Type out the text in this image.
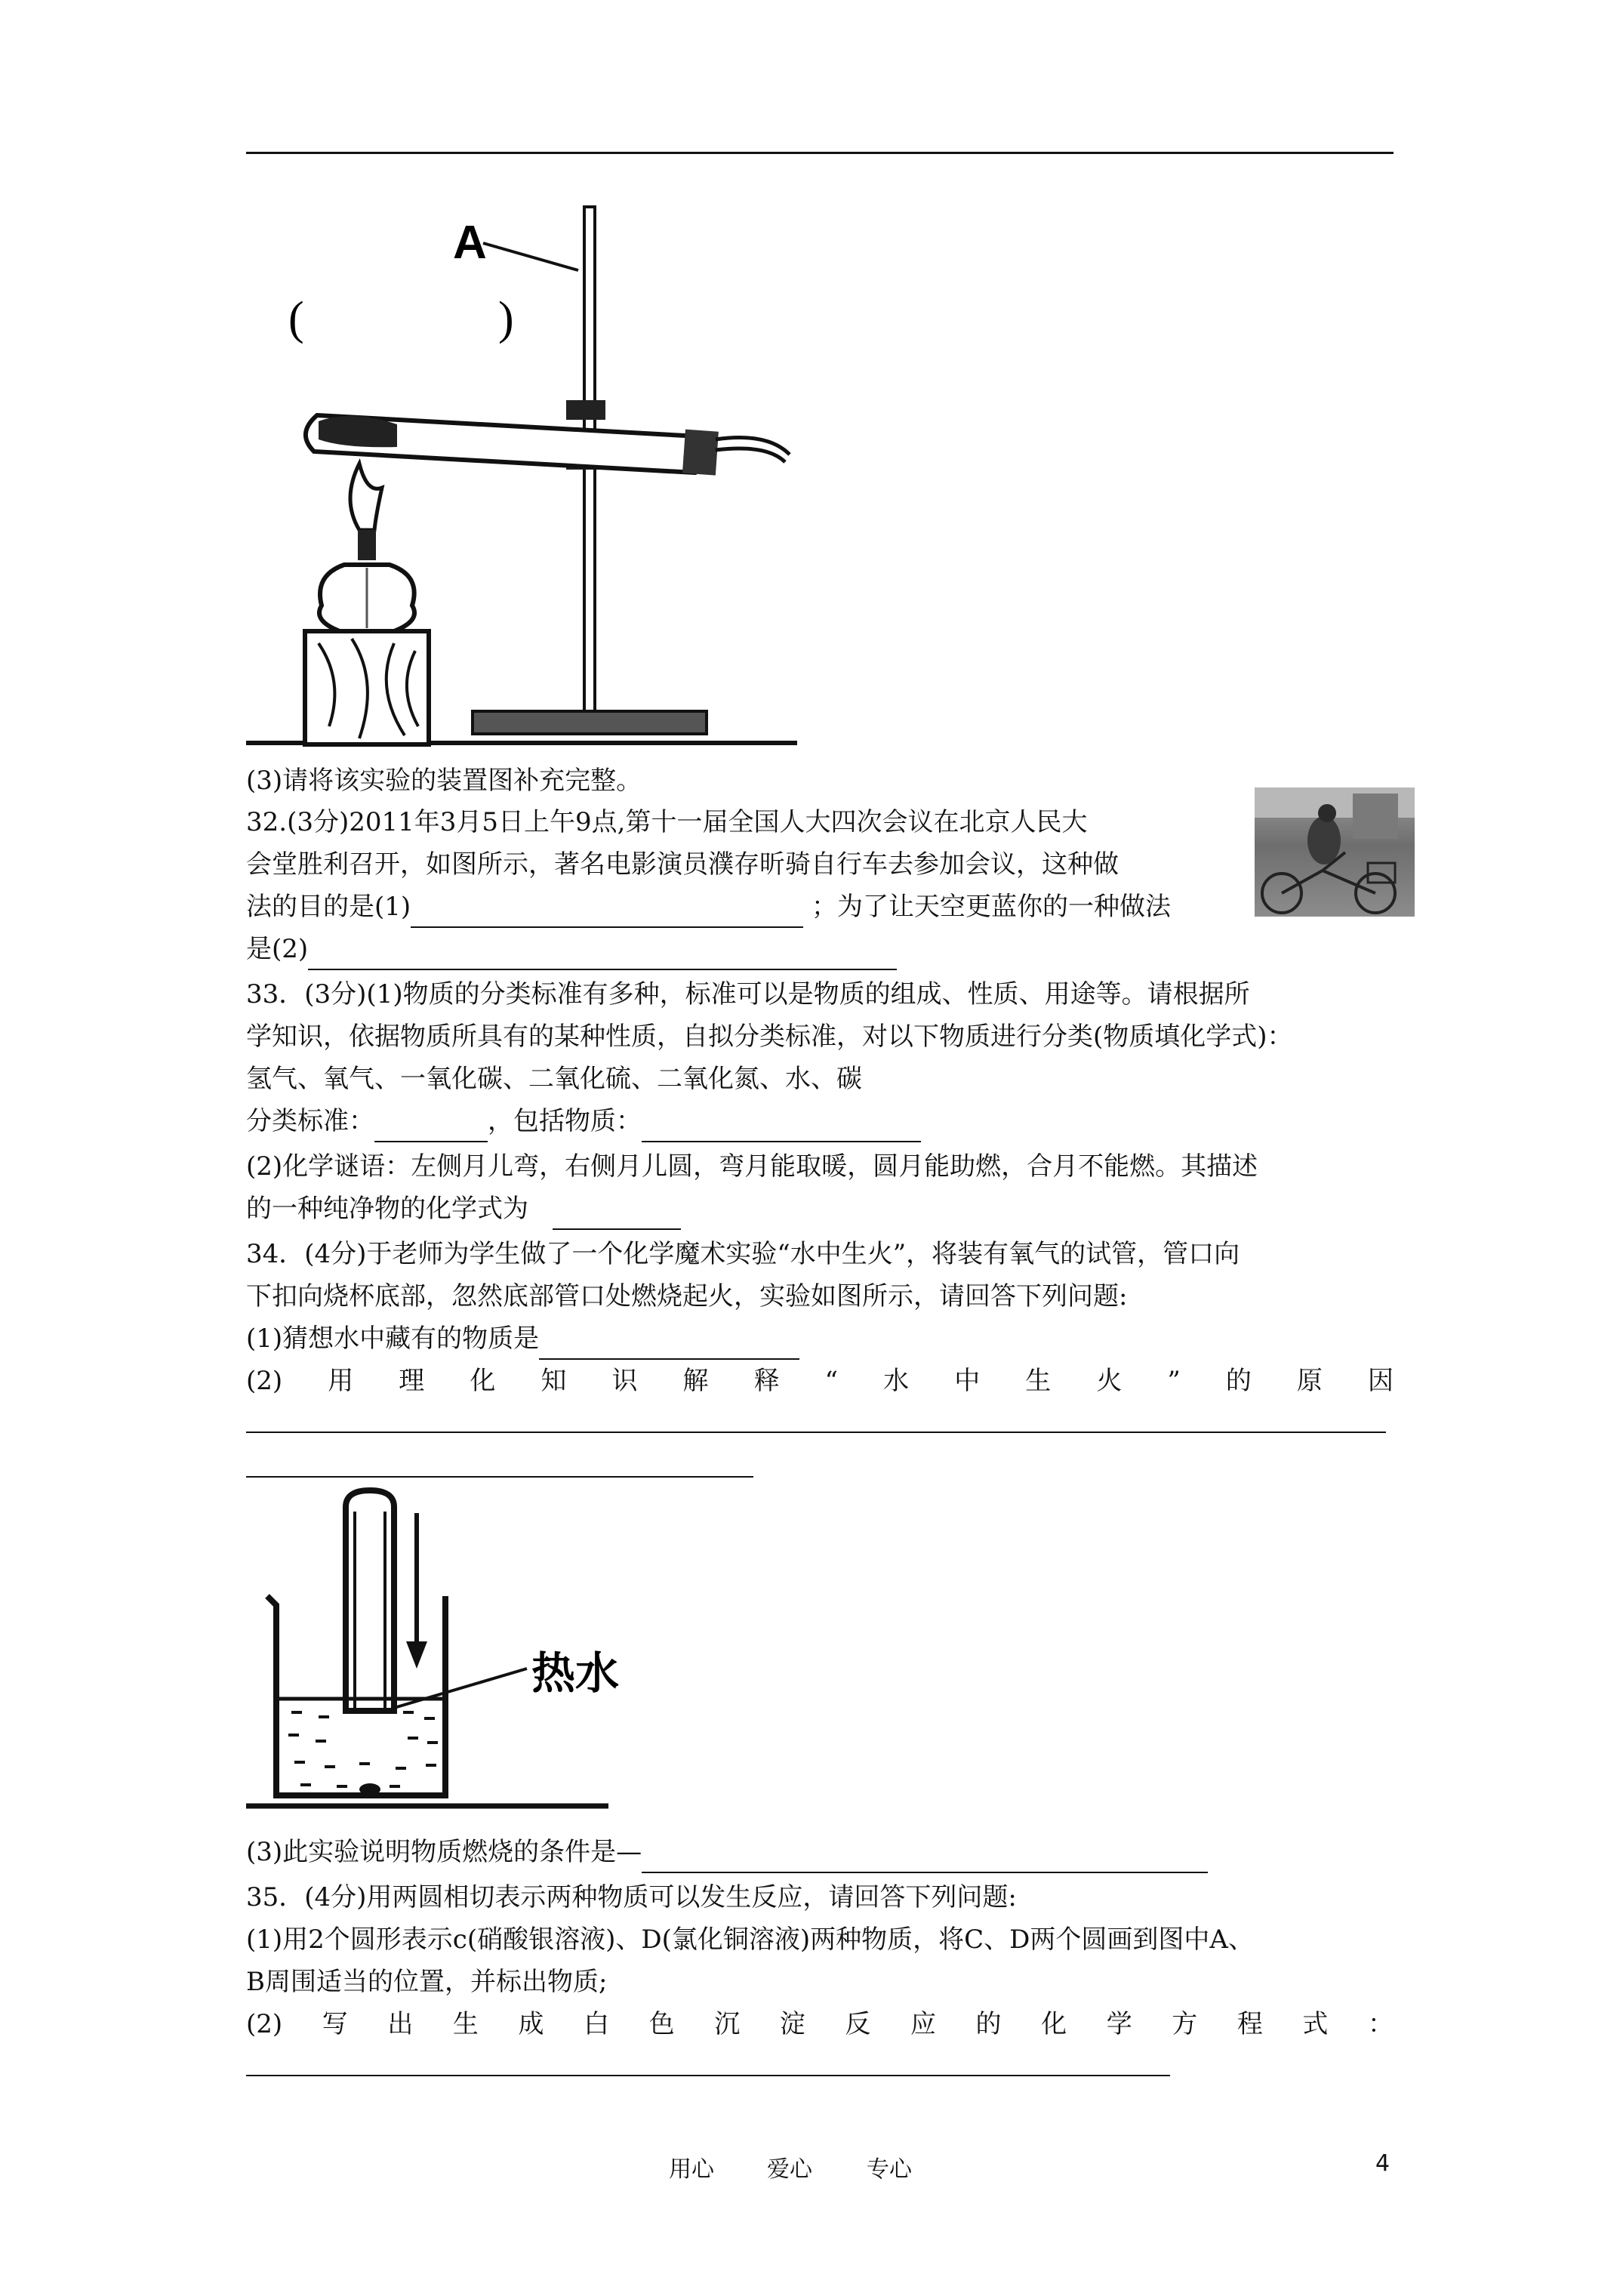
A
(	)
(3)请将该实验的装置图补充完整。
32.(3分)2011年3月5日上午9点,第十一届全国人大四次会议在北京人民大
会堂胜利召开，如图所示，著名电影演员濮存昕骑自行车去参加会议，这种做
法的目的是(1)	；为了让天空更蓝你的一种做法
是(2)
33．(3分)(1)物质的分类标准有多种，标准可以是物质的组成、性质、用途等。请根据所
学知识，依据物质所具有的某种性质，自拟分类标准，对以下物质进行分类(物质填化学式)：
氢气、氧气、一氧化碳、二氧化硫、二氧化氮、水、碳
分类标准：	，包括物质：
(2)化学谜语：左侧月儿弯，右侧月儿圆，弯月能取暖，圆月能助燃，合月不能燃。其描述
的一种纯净物的化学式为
34．(4分)于老师为学生做了一个化学魔术实验“水中生火”，将装有氧气的试管，管口向
下扣向烧杯底部，忽然底部管口处燃烧起火，实验如图所示，请回答下列问题:
(1)猜想水中藏有的物质是
(2) 用 理 化 知 识 解 释 “ 水 中 生 火 ” 的 原 因
热水
(3)此实验说明物质燃烧的条件是—
35．(4分)用两圆相切表示两种物质可以发生反应，请回答下列问题:
(1)用2个圆形表示c(硝酸银溶液)、D(氯化铜溶液)两种物质，将C、D两个圆画到图中A、
B周围适当的位置，并标出物质;
(2) 写 出 生 成 白 色 沉 淀 反 应 的 化 学 方 程 式 ：
用心 爱心 专心	4
